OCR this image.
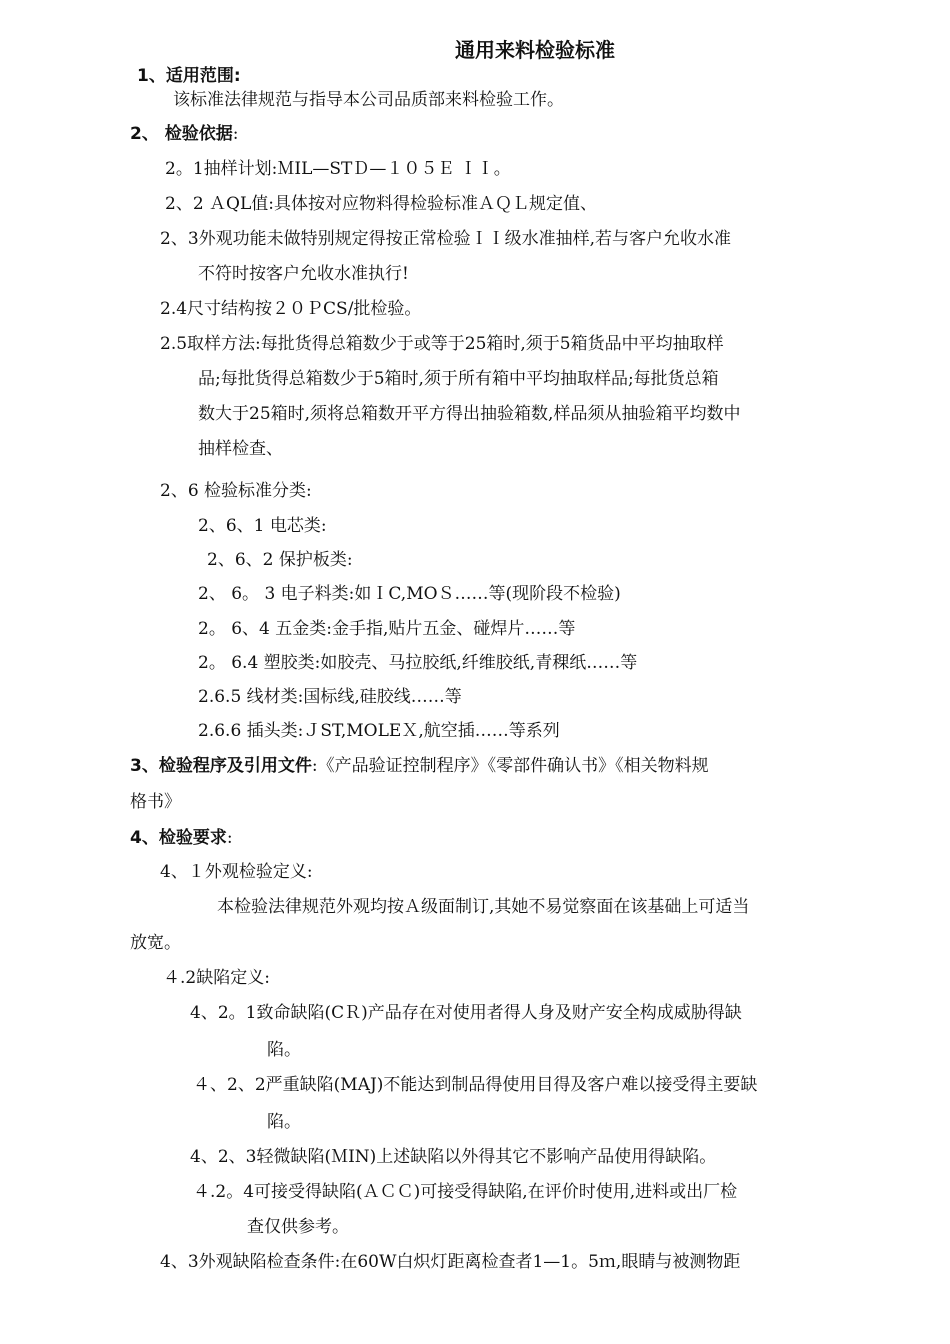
通用来料检验标准
1、适用范围:
该标准法律规范与指导本公司品质部来料检验工作。
2、 检验依据:
2。1抽样计划:ＭIL—STＤ—１０５Ｅ ＩＩ。
2、2 ＡQL值:具体按对应物料得检验标准ＡＱＬ规定值、
2、3外观功能未做特别规定得按正常检验ＩＩ级水准抽样,若与客户允收水准
不符时按客户允收水准执行!
2.4尺寸结构按２０ＰCS/批检验。
2.5取样方法:每批货得总箱数少于或等于25箱时,须于5箱货品中平均抽取样
品;每批货得总箱数少于5箱时,须于所有箱中平均抽取样品;每批货总箱
数大于25箱时,须将总箱数开平方得出抽验箱数,样品须从抽验箱平均数中
抽样检查、
2、6 检验标准分类:
2、6、1 电芯类:
2、6、2 保护板类:
2、 6。 3 电子料类:如ＩC,MOＳ……等(现阶段不检验)
2。 6、4 五金类:金手指,贴片五金、碰焊片……等
2。 6.4 塑胶类:如胶壳、马拉胶纸,纤维胶纸,青稞纸……等
2.6.5 线材类:国标线,硅胶线……等
2.6.6 插头类:ＪST,MOLEＸ,航空插……等系列
3、检验程序及引用文件:《产品验证控制程序》《零部件确认书》《相关物料规
格书》
4、检验要求:
4、１外观检验定义:
本检验法律规范外观均按Ａ级面制订,其她不易觉察面在该基础上可适当
放宽。
４.2缺陷定义:
4、2。1致命缺陷(CＲ)产品存在对使用者得人身及财产安全构成威胁得缺
陷。
４、2、2严重缺陷(MAJ)不能达到制品得使用目得及客户难以接受得主要缺
陷。
4、2、3轻微缺陷(ＭIN)上述缺陷以外得其它不影响产品使用得缺陷。
４.2。4可接受得缺陷(ＡＣＣ)可接受得缺陷,在评价时使用,进料或出厂检
查仅供参考。
4、3外观缺陷检查条件:在60W白炽灯距离检查者1—1。5ｍ,眼睛与被测物距
